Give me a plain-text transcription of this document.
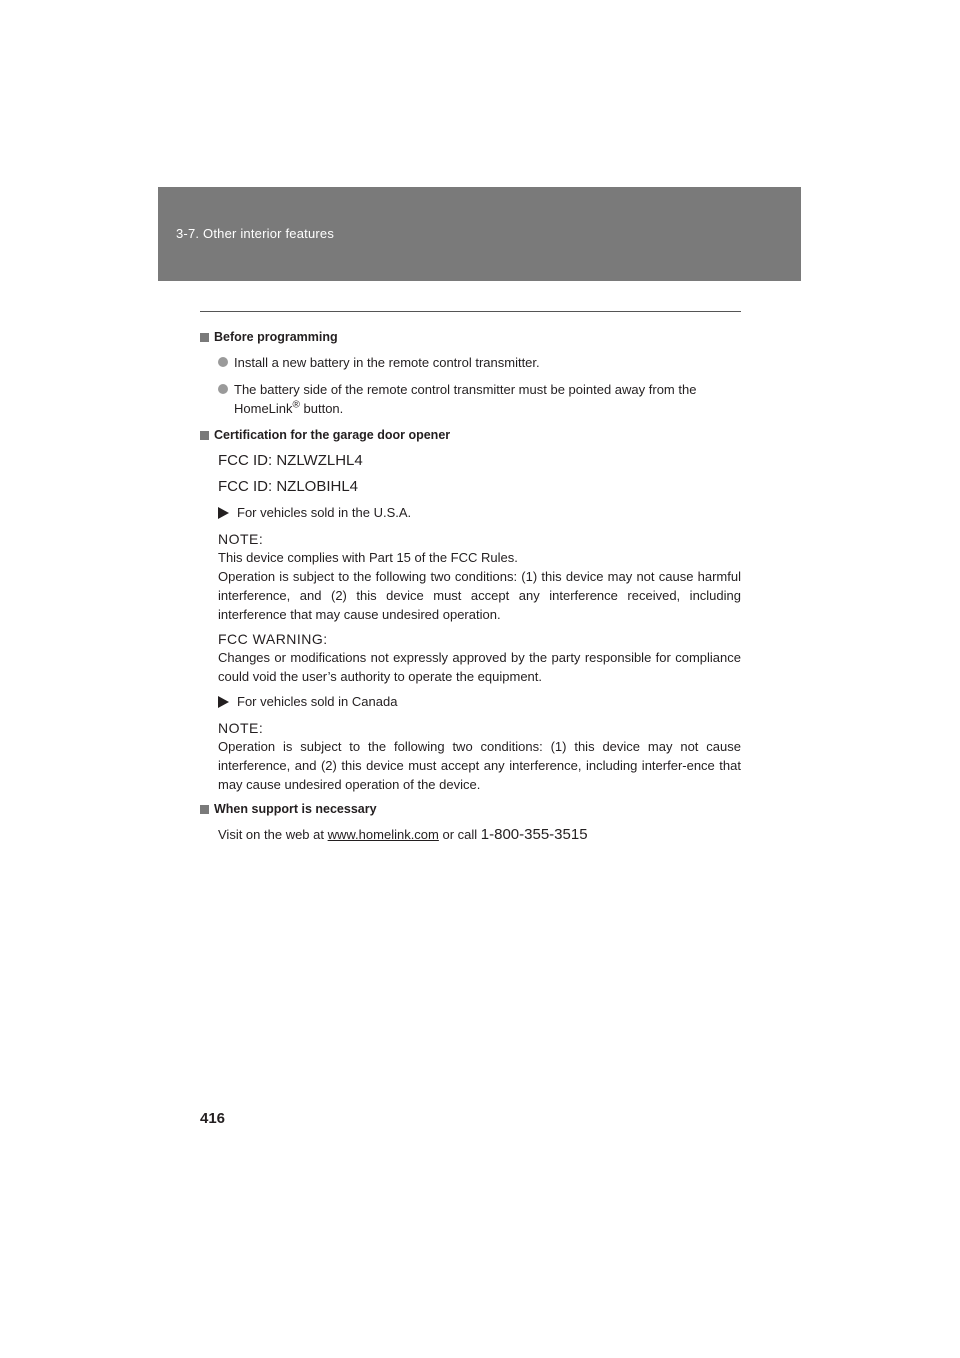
3-7. Other interior features
Before programming
Install a new battery in the remote control transmitter.
The battery side of the remote control transmitter must be pointed away from the HomeLink® button.
Certification for the garage door opener
FCC ID: NZLWZLHL4
FCC ID: NZLOBIHL4
For vehicles sold in the U.S.A.
NOTE:
This device complies with Part 15 of the FCC Rules.
Operation is subject to the following two conditions: (1) this device may not cause harmful interference, and (2) this device must accept any interference received, including interference that may cause undesired operation.
FCC WARNING:
Changes or modifications not expressly approved by the party responsible for compliance could void the user’s authority to operate the equipment.
For vehicles sold in Canada
NOTE:
Operation is subject to the following two conditions: (1) this device may not cause interference, and (2) this device must accept any interference, including interfer-ence that may cause undesired operation of the device.
When support is necessary
Visit on the web at www.homelink.com or call 1-800-355-3515
416
